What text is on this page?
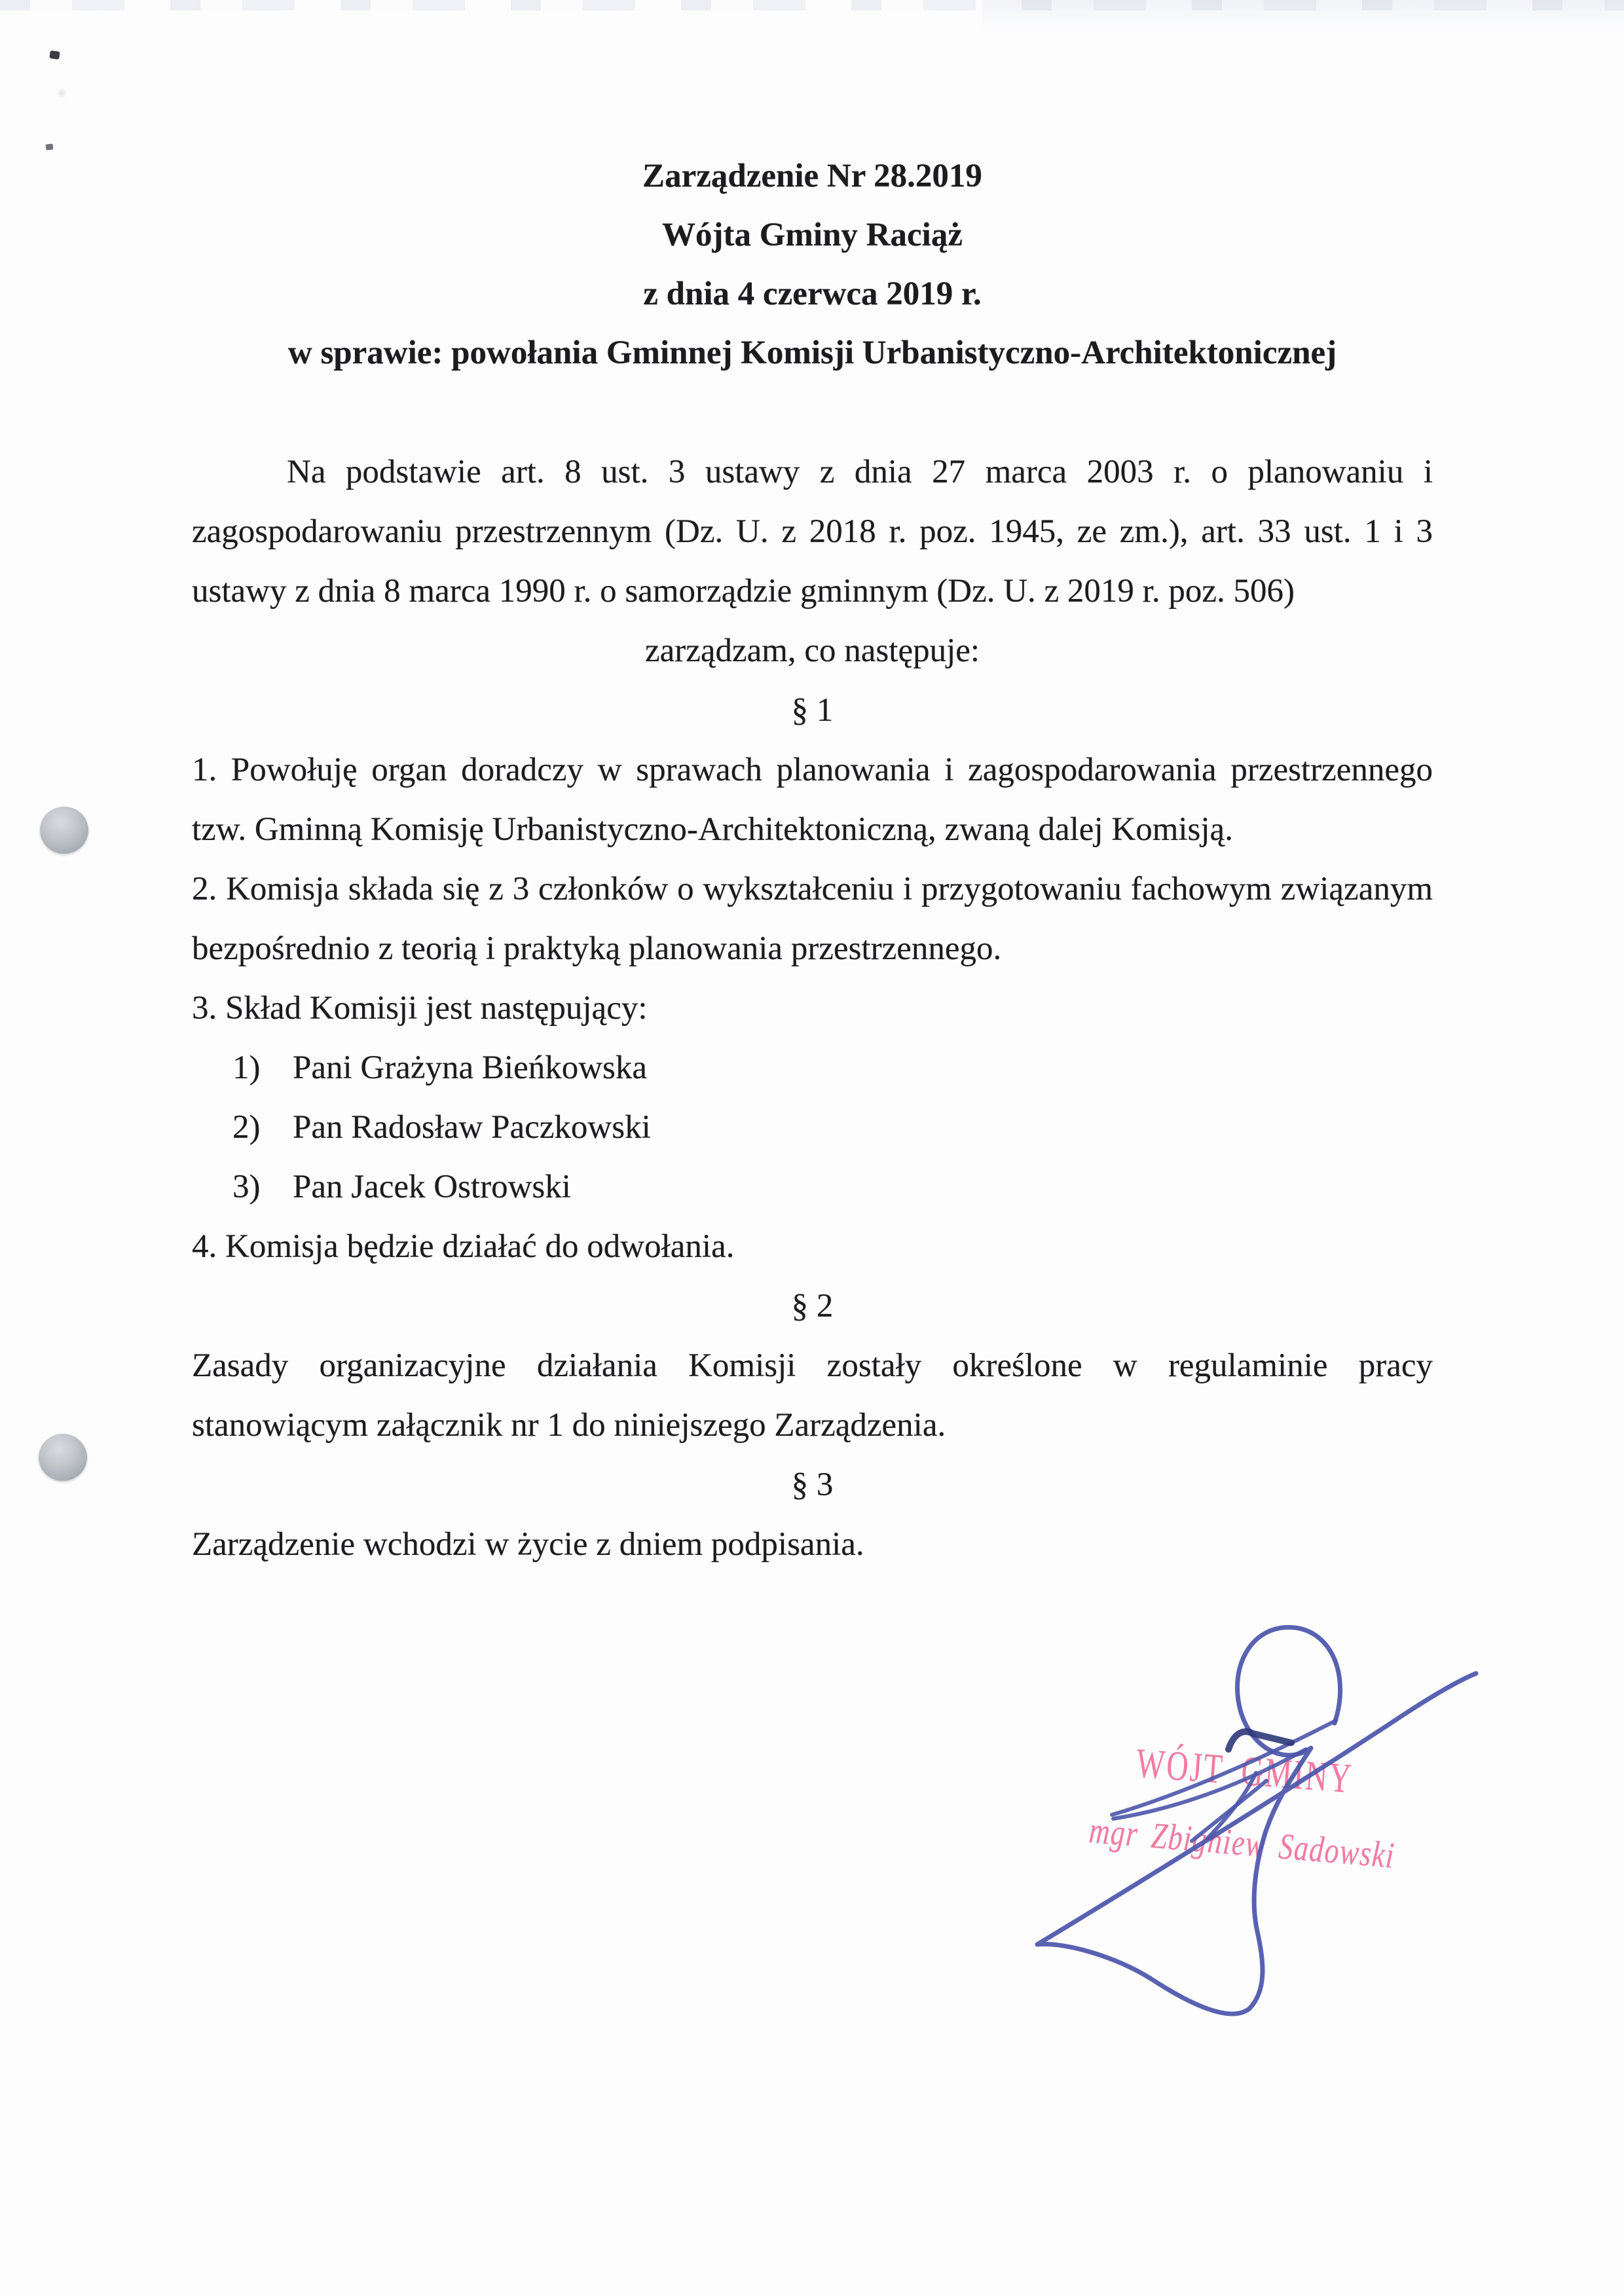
Zarządzenie Nr 28.2019
Wójta Gminy Raciąż
z dnia 4 czerwca 2019 r.
w sprawie: powołania Gminnej Komisji Urbanistyczno-Architektonicznej

Na podstawie art. 8 ust. 3 ustawy z dnia 27 marca 2003 r. o planowaniu i zagospodarowaniu przestrzennym (Dz. U. z 2018 r. poz. 1945, ze zm.), art. 33 ust. 1 i 3 ustawy z dnia 8 marca 1990 r. o samorządzie gminnym (Dz. U. z 2019 r. poz. 506)

zarządzam, co następuje:
§ 1

1. Powołuję organ doradczy w sprawach planowania i zagospodarowania przestrzennego tzw. Gminną Komisję Urbanistyczno-Architektoniczną, zwaną dalej Komisją.

2. Komisja składa się z 3 członków o wykształceniu i przygotowaniu fachowym związanym bezpośrednio z teorią i praktyką planowania przestrzennego.

3. Skład Komisji jest następujący:

1) Pani Grażyna Bieńkowska
2) Pan Radosław Paczkowski
3) Pan Jacek Ostrowski

4. Komisja będzie działać do odwołania.

§ 2

Zasady organizacyjne działania Komisji zostały określone w regulaminie pracy stanowiącym załącznik nr 1 do niniejszego Zarządzenia.

§ 3

Zarządzenie wchodzi w życie z dniem podpisania.

WÓJT GMINY
mgr Zbigniew Sadowski
